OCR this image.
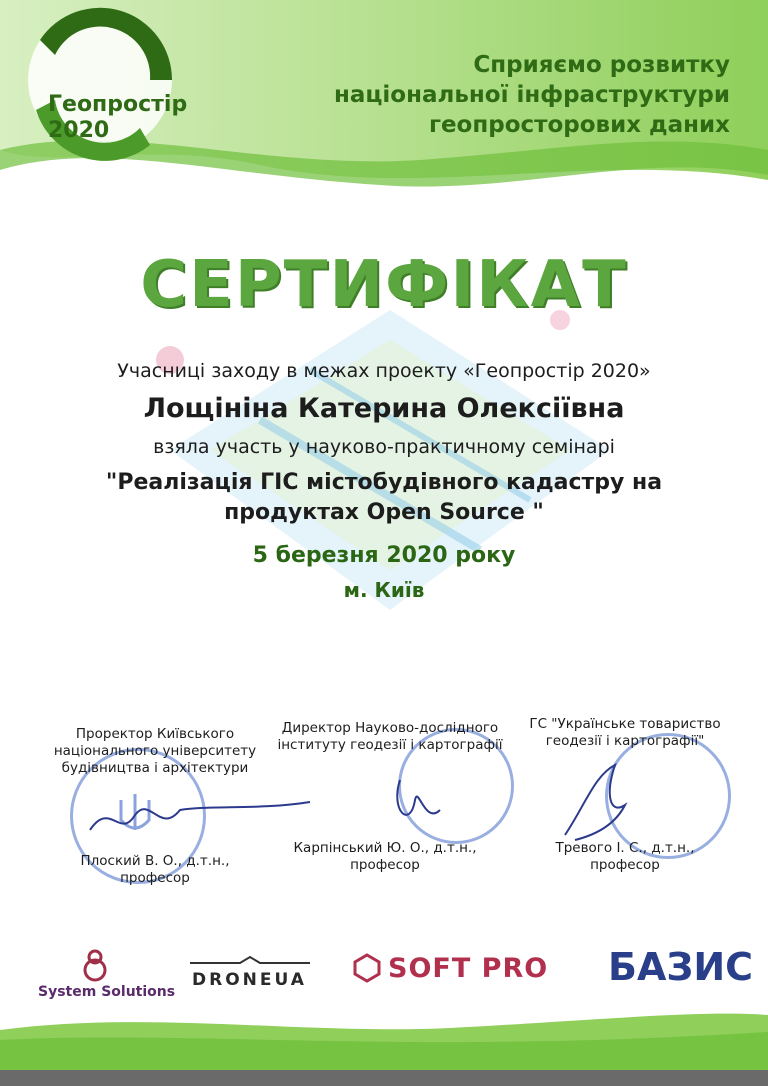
Геопростір
2020
Сприяємо розвитку
національної інфраструктури
геопросторових даних
СЕРТИФІКАТ
Учасниці заходу в межах проекту «Геопростір 2020»
Лощініна Катерина Олексіївна
взяла участь у науково-практичному семінарі
"Реалізація ГІС містобудівного кадастру на
продуктах Open Source "
5 березня 2020 року
м. Київ
Проректор Київського
національного університету
будівництва і архітектури
Плоский В. О., д.т.н.,
професор
Директор Науково-дослідного
інституту геодезії і картографії
Карпінський Ю. О., д.т.н.,
професор
ГС "Українське товариство
геодезії і картографії"
Тревого І. С., д.т.н.,
професор
System Solutions
DRONEUA	SOFT PRO БАЗИС
